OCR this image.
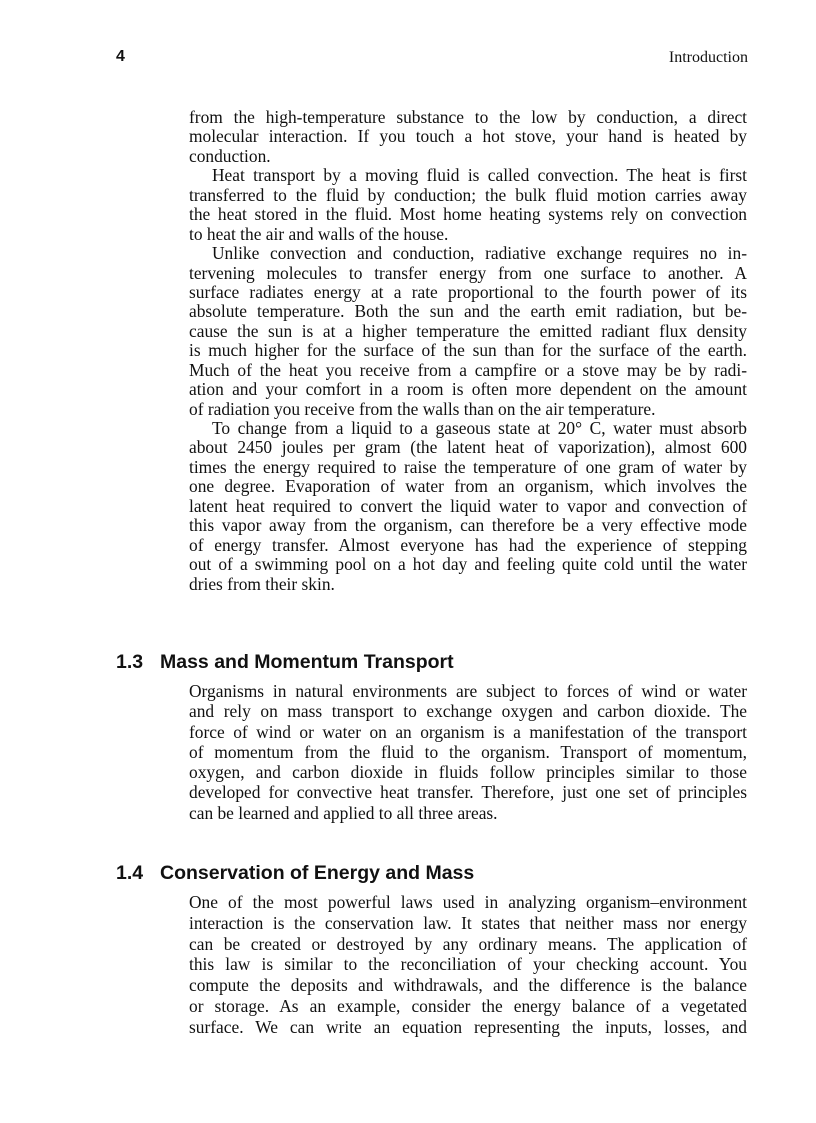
4	Introduction
from the high-temperature substance to the low by conduction, a direct
molecular interaction. If you touch a hot stove, your hand is heated by
conduction.
Heat transport by a moving fluid is called convection. The heat is first
transferred to the fluid by conduction; the bulk fluid motion carries away
the heat stored in the fluid. Most home heating systems rely on convection
to heat the air and walls of the house.
Unlike convection and conduction, radiative exchange requires no in-
tervening molecules to transfer energy from one surface to another. A
surface radiates energy at a rate proportional to the fourth power of its
absolute temperature. Both the sun and the earth emit radiation, but be-
cause the sun is at a higher temperature the emitted radiant flux density
is much higher for the surface of the sun than for the surface of the earth.
Much of the heat you receive from a campfire or a stove may be by radi-
ation and your comfort in a room is often more dependent on the amount
of radiation you receive from the walls than on the air temperature.
To change from a liquid to a gaseous state at 20° C, water must absorb
about 2450 joules per gram (the latent heat of vaporization), almost 600
times the energy required to raise the temperature of one gram of water by
one degree. Evaporation of water from an organism, which involves the
latent heat required to convert the liquid water to vapor and convection of
this vapor away from the organism, can therefore be a very effective mode
of energy transfer. Almost everyone has had the experience of stepping
out of a swimming pool on a hot day and feeling quite cold until the water
dries from their skin.
1.3 Mass and Momentum Transport
Organisms in natural environments are subject to forces of wind or water
and rely on mass transport to exchange oxygen and carbon dioxide. The
force of wind or water on an organism is a manifestation of the transport
of momentum from the fluid to the organism. Transport of momentum,
oxygen, and carbon dioxide in fluids follow principles similar to those
developed for convective heat transfer. Therefore, just one set of principles
can be learned and applied to all three areas.
1.4 Conservation of Energy and Mass
One of the most powerful laws used in analyzing organism–environment
interaction is the conservation law. It states that neither mass nor energy
can be created or destroyed by any ordinary means. The application of
this law is similar to the reconciliation of your checking account. You
compute the deposits and withdrawals, and the difference is the balance
or storage. As an example, consider the energy balance of a vegetated
surface. We can write an equation representing the inputs, losses, and
